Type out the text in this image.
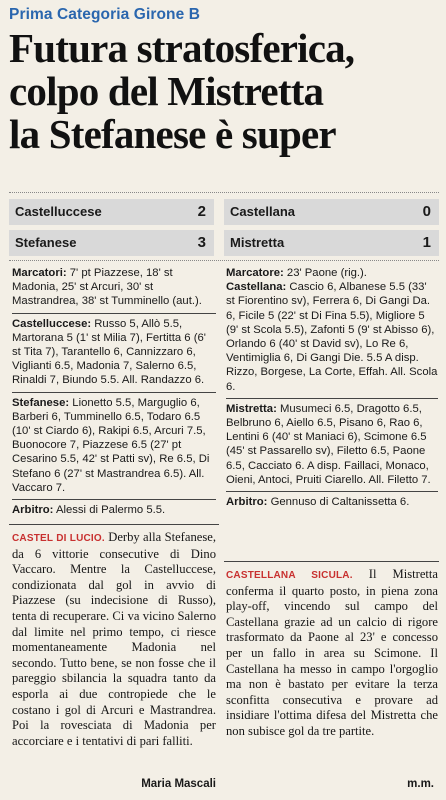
Prima Categoria Girone B
Futura stratosferica,
colpo del Mistretta
la Stefanese è super
Castelluccese	2
Stefanese	3
Castellana	0
Mistretta	1

Marcatori: 7' pt Piazzese, 18' st Madonia, 25' st Arcuri, 30' st Mastrandrea, 38' st Tumminello (aut.).

Castelluccese: Russo 5, Allò 5.5, Martorana 5 (1' st Milia 7), Fertitta 6 (6' st Tita 7), Tarantello 6, Cannizzaro 6, Viglianti 6.5, Madonia 7, Salerno 6.5, Rinaldi 7, Biundo 5.5. All. Randazzo 6.

Stefanese: Lionetto 5.5, Margugliо 6, Barberi 6, Tumminello 6.5, Todaro 6.5 (10' st Ciardo 6), Rakipi 6.5, Arcuri 7.5, Buonocore 7, Piazzese 6.5 (27' pt Cesarino 5.5, 42' st Patti sv), Re 6.5, Di Stefano 6 (27' st Mastrandrea 6.5). All. Vaccaro 7.

Arbitro: Alessi di Palermo 5.5.

Marcatore: 23' Paone (rig.).

Castellana: Cascio 6, Albanese 5.5 (33' st Fiorentino sv), Ferrera 6, Di Gangi Da. 6, Ficile 5 (22' st Di Fina 5.5), Migliore 5 (9' st Scola 5.5), Zafonti 5 (9' st Abisso 6), Orlando 6 (40' st David sv), Lo Re 6, Ventimiglia 6, Di Gangi Die. 5.5 A disp. Rizzo, Borgese, La Corte, Effah. All. Scola 6.

Mistretta: Musumeci 6.5, Dragotto 6.5, Belbruno 6, Aiello 6.5, Pisano 6, Rao 6, Lentini 6 (40' st Maniaci 6), Scimone 6.5 (45' st Passarello sv), Filetto 6.5, Paone 6.5, Cacciato 6. A disp. Faillaci, Monaco, Oieni, Antoci, Pruiti Ciarello. All. Filetto 7.

Arbitro: Gennuso di Caltanissetta 6.

CASTEL DI LUCIO. Derby alla Stefanese, da 6 vittorie consecutive di Dino Vaccaro. Mentre la Castelluccese, condizionata dal gol in avvio di Piazzese (su indecisione di Russo), tenta di recuperare. Ci va vicino Salerno dal limite nel primo tempo, ci riesce momentaneamente Madonia nel secondo. Tutto bene, se non fosse che il pareggio sbilancia la squadra tanto da esporla ai due contropiede che le costano i gol di Arcuri e Mastrandrea. Poi la rovesciata di Madonia per accorciare e i tentativi di pari falliti.
Maria Mascali
CASTELLANA SICULA. Il Mistretta conferma il quarto posto, in piena zona play-off, vincendo sul campo del Castellana grazie ad un calcio di rigore trasformato da Paone al 23' e concesso per un fallo in area su Scimone. Il Castellana ha messo in campo l'orgoglio ma non è bastato per evitare la terza sconfitta consecutiva e provare ad insidiare l'ottima difesa del Mistretta che non subisce gol da tre partite.
m.m.
